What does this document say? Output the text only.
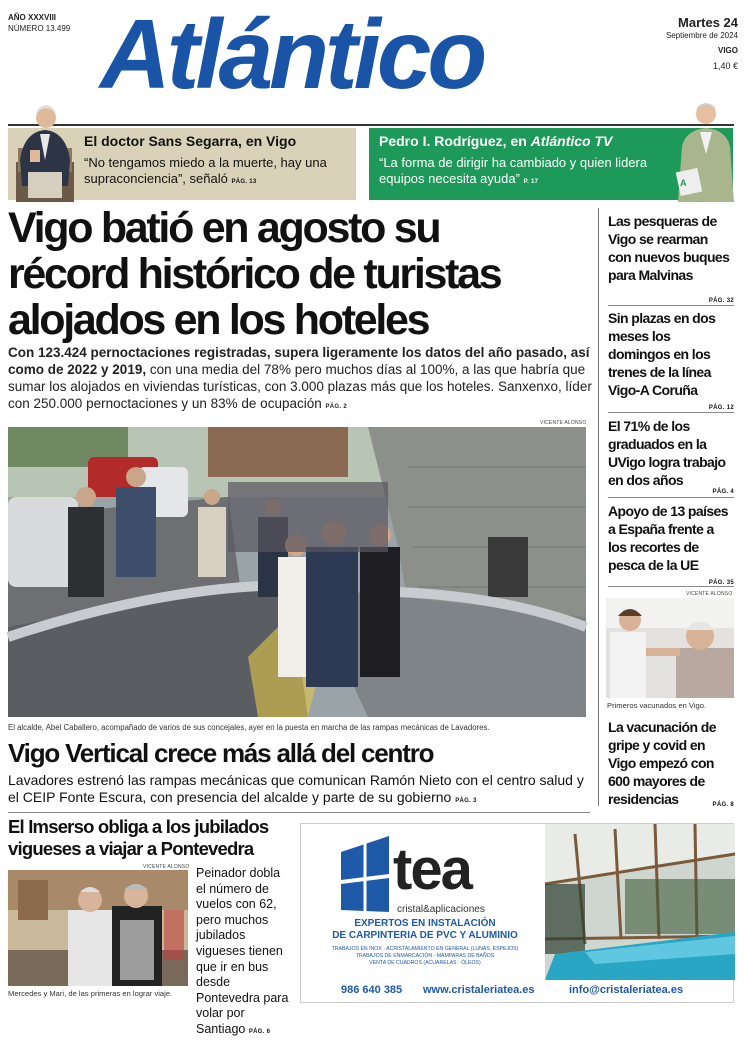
AÑO XXXVIII
NÚMERO 13.499 Atlántico	Martes 24
Septiembre de 2024
VIGO
1,40 €
El doctor Sans Segarra, en Vigo

“No tengamos miedo a la muerte, hay una supraconciencia”, señaló PÁG. 13

Pedro I. Rodríguez, en Atlántico TV

“La forma de dirigir ha cambiado y quien lidera equipos necesita ayuda” P. 17	A
Vigo batió en agosto su
récord histórico de turistas
alojados en los hoteles
Con 123.424 pernoctaciones registradas, supera ligeramente los datos del año pasado, así como de 2022 y 2019, con una media del 78% pero muchos días al 100%, a las que habría que sumar los alojados en viviendas turísticas, con 3.000 plazas más que los hoteles. Sanxenxo, líder con 250.000 pernoctaciones y un 83% de ocupación PÁG. 2
VICENTE ALONSO
El alcalde, Abel Caballero, acompañado de varios de sus concejales, ayer en la puesta en marcha de las rampas mecánicas de Lavadores.
Vigo Vertical crece más allá del centro
Lavadores estrenó las rampas mecánicas que comunican Ramón Nieto con el centro salud y el CEIP Fonte Escura, con presencia del alcalde y parte de su gobierno PÁG. 3
El Imserso obliga a los jubilados
vigueses a viajar a Pontevedra
VICENTE ALONSO Peinador dobla el número de vuelos con 62, pero muchos jubilados vigueses tienen que ir en bus desde Pontevedra para volar por Santiago PÁG. 6
Mercedes y Mari, de las primeras en lograr viaje.
tea
cristal&aplicaciones
EXPERTOS EN INSTALACIÓN
DE CARPINTERIA DE PVC Y ALUMINIO
TRABAJOS EN INOX · ACRISTALAMIENTO EN GENERAL (LUNAS, ESPEJOS)
TRABAJOS DE ENMARCACIÓN · MAMPARAS DE BAÑOS
VENTA DE CUADROS (ACUARELAS · ÓLEOS)
986 640 385 www.cristaleriatea.es	info@cristaleriatea.es
Las pesqueras de Vigo se rearman con nuevos buques para Malvinas
PÁG. 32
Sin plazas en dos meses los domingos en los trenes de la línea Vigo-A Coruña
PÁG. 12
El 71% de los graduados en la UVigo logra trabajo en dos años
PÁG. 4
Apoyo de 13 países a España frente a los recortes de pesca de la UE
PÁG. 35
VICENTE ALONSO
Primeros vacunados en Vigo.
La vacunación de gripe y covid en Vigo empezó con 600 mayores de residencias	PÁG. 8
